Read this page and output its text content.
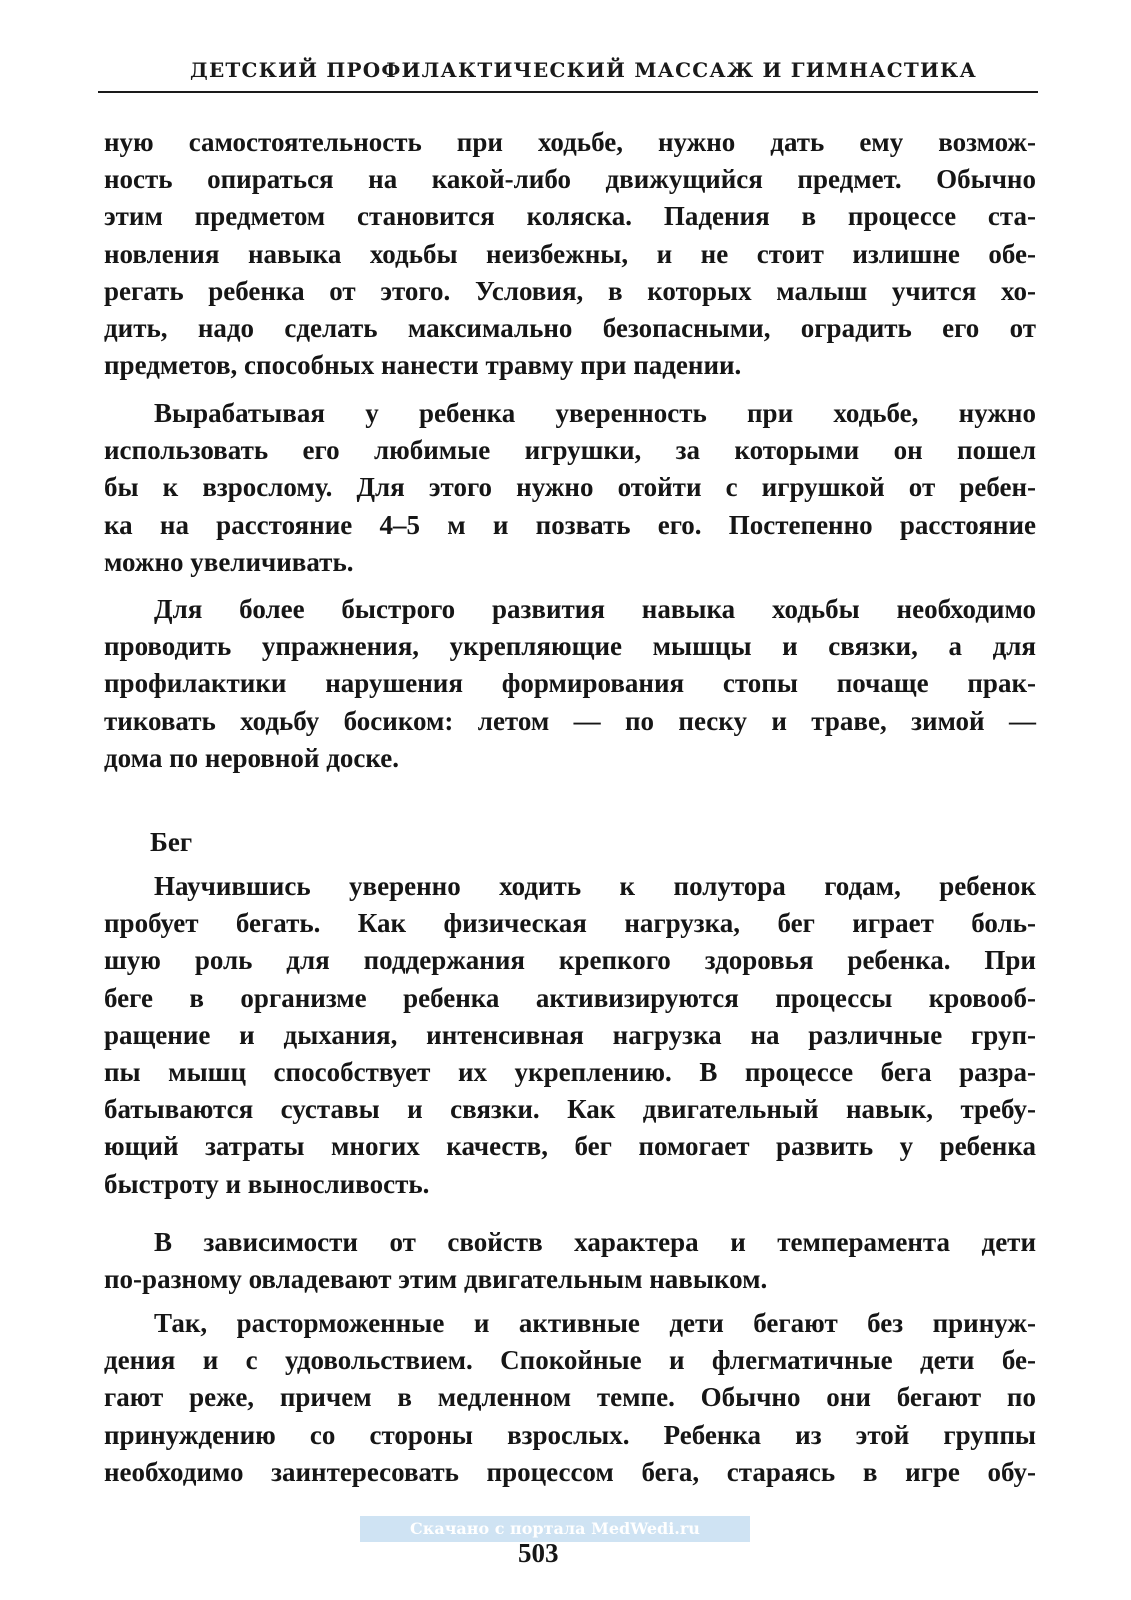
ДЕТСКИЙ ПРОФИЛАКТИЧЕСКИЙ МАССАЖ И ГИМНАСТИКА

ную самостоятельность при ходьбе, нужно дать ему возмож-
ность опираться на какой-либо движущийся предмет. Обычно
этим предметом становится коляска. Падения в процессе ста-
новления навыка ходьбы неизбежны, и не стоит излишне обе-
регать ребенка от этого. Условия, в которых малыш учится хо-
дить, надо сделать максимально безопасными, оградить его от
предметов, способных нанести травму при падении.

Вырабатывая у ребенка уверенность при ходьбе, нужно
использовать его любимые игрушки, за которыми он пошел
бы к взрослому. Для этого нужно отойти с игрушкой от ребен-
ка на расстояние 4–5 м и позвать его. Постепенно расстояние
можно увеличивать.

Для более быстрого развития навыка ходьбы необходимо
проводить упражнения, укрепляющие мышцы и связки, а для
профилактики нарушения формирования стопы почаще прак-
тиковать ходьбу босиком: летом — по песку и траве, зимой —
дома по неровной доске.

Бег

Научившись уверенно ходить к полутора годам, ребенок
пробует бегать. Как физическая нагрузка, бег играет боль-
шую роль для поддержания крепкого здоровья ребенка. При
беге в организме ребенка активизируются процессы кровооб-
ращение и дыхания, интенсивная нагрузка на различные груп-
пы мышц способствует их укреплению. В процессе бега разра-
батываются суставы и связки. Как двигательный навык, требу-
ющий затраты многих качеств, бег помогает развить у ребенка
быстроту и выносливость.

В зависимости от свойств характера и темперамента дети
по-разному овладевают этим двигательным навыком.

Так, расторможенные и активные дети бегают без принуж-
дения и с удовольствием. Спокойные и флегматичные дети бе-
гают реже, причем в медленном темпе. Обычно они бегают по
принуждению со стороны взрослых. Ребенка из этой группы
необходимо заинтересовать процессом бега, стараясь в игре обу-

Скачано с портала MedWedi.ru
503
